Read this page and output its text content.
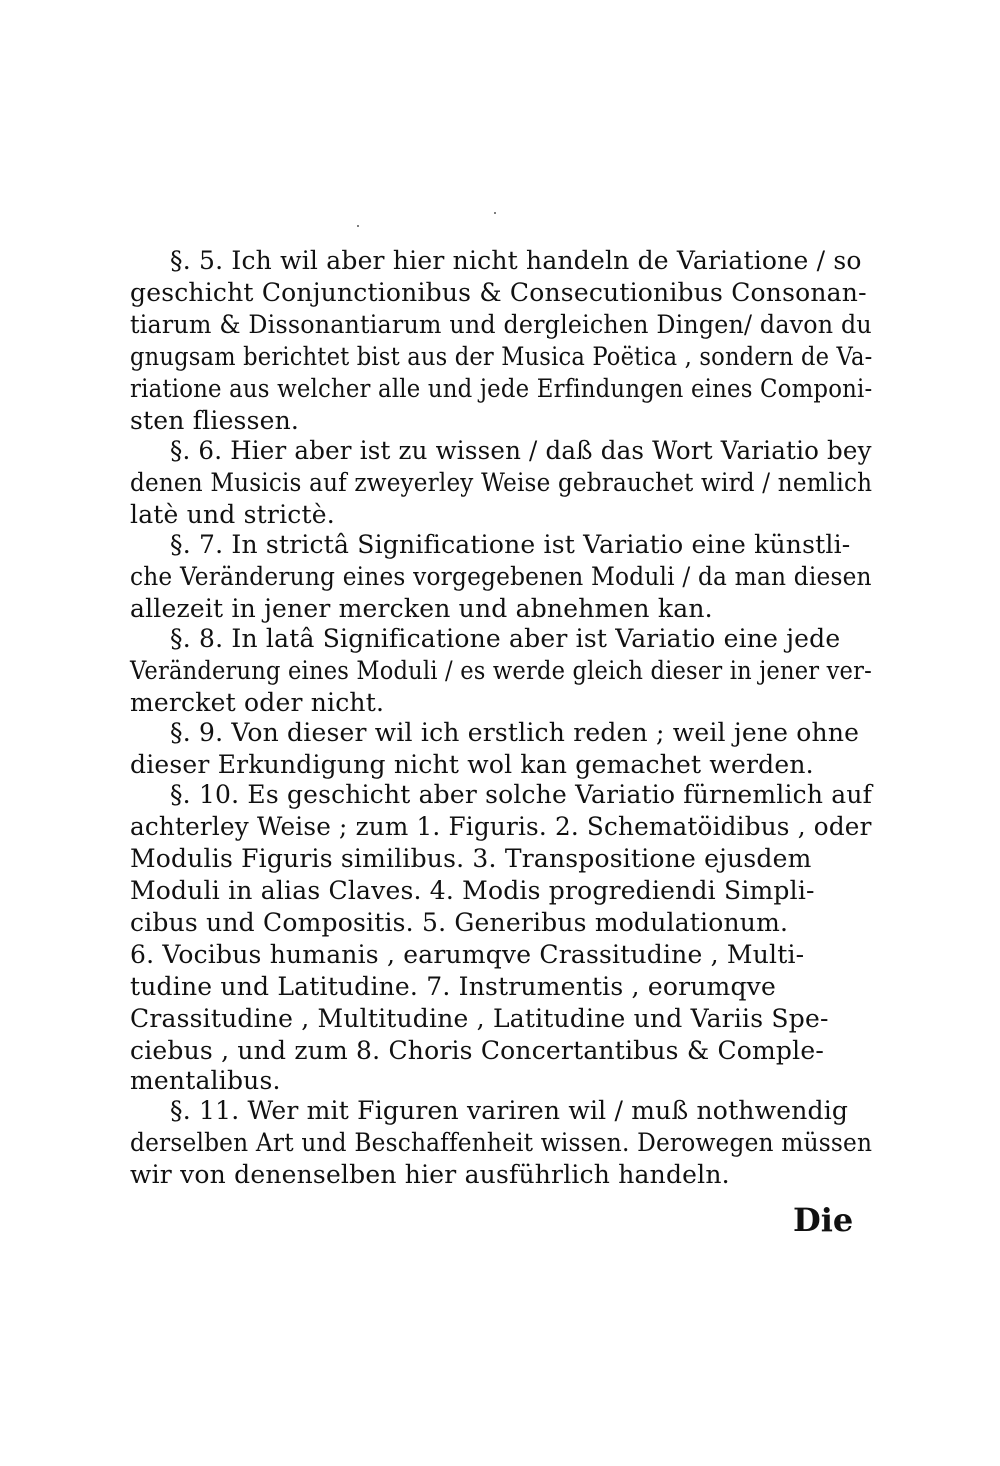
§. 5. Ich wil aber hier nicht handeln de Variatione / so
geschicht Conjunctionibus & Consecutionibus Consonan-
tiarum & Dissonantiarum und dergleichen Dingen/ davon du
gnugsam berichtet bist aus der Musica Poëtica , sondern de Va-
riatione aus welcher alle und jede Erfindungen eines Componi-
sten fliessen.
§. 6. Hier aber ist zu wissen / daß das Wort Variatio bey
denen Musicis auf zweyerley Weise gebrauchet wird / nemlich
latè und strictè.
§. 7. In strictâ Significatione ist Variatio eine künstli-
che Veränderung eines vorgegebenen Moduli / da man diesen
allezeit in jener mercken und abnehmen kan.
§. 8. In latâ Significatione aber ist Variatio eine jede
Veränderung eines Moduli / es werde gleich dieser in jener ver-
mercket oder nicht.
§. 9. Von dieser wil ich erstlich reden ; weil jene ohne
dieser Erkundigung nicht wol kan gemachet werden.
§. 10. Es geschicht aber solche Variatio fürnemlich auf
achterley Weise ; zum 1. Figuris. 2. Schematöidibus , oder
Modulis Figuris similibus. 3. Transpositione ejusdem
Moduli in alias Claves. 4. Modis progrediendi Simpli-
cibus und Compositis. 5. Generibus modulationum.
6. Vocibus humanis , earumqve Crassitudine , Multi-
tudine und Latitudine. 7. Instrumentis , eorumqve
Crassitudine , Multitudine , Latitudine und Variis Spe-
ciebus , und zum 8. Choris Concertantibus & Comple-
mentalibus.
§. 11. Wer mit Figuren variren wil / muß nothwendig
derselben Art und Beschaffenheit wissen. Derowegen müssen
wir von denenselben hier ausführlich handeln.
Die
